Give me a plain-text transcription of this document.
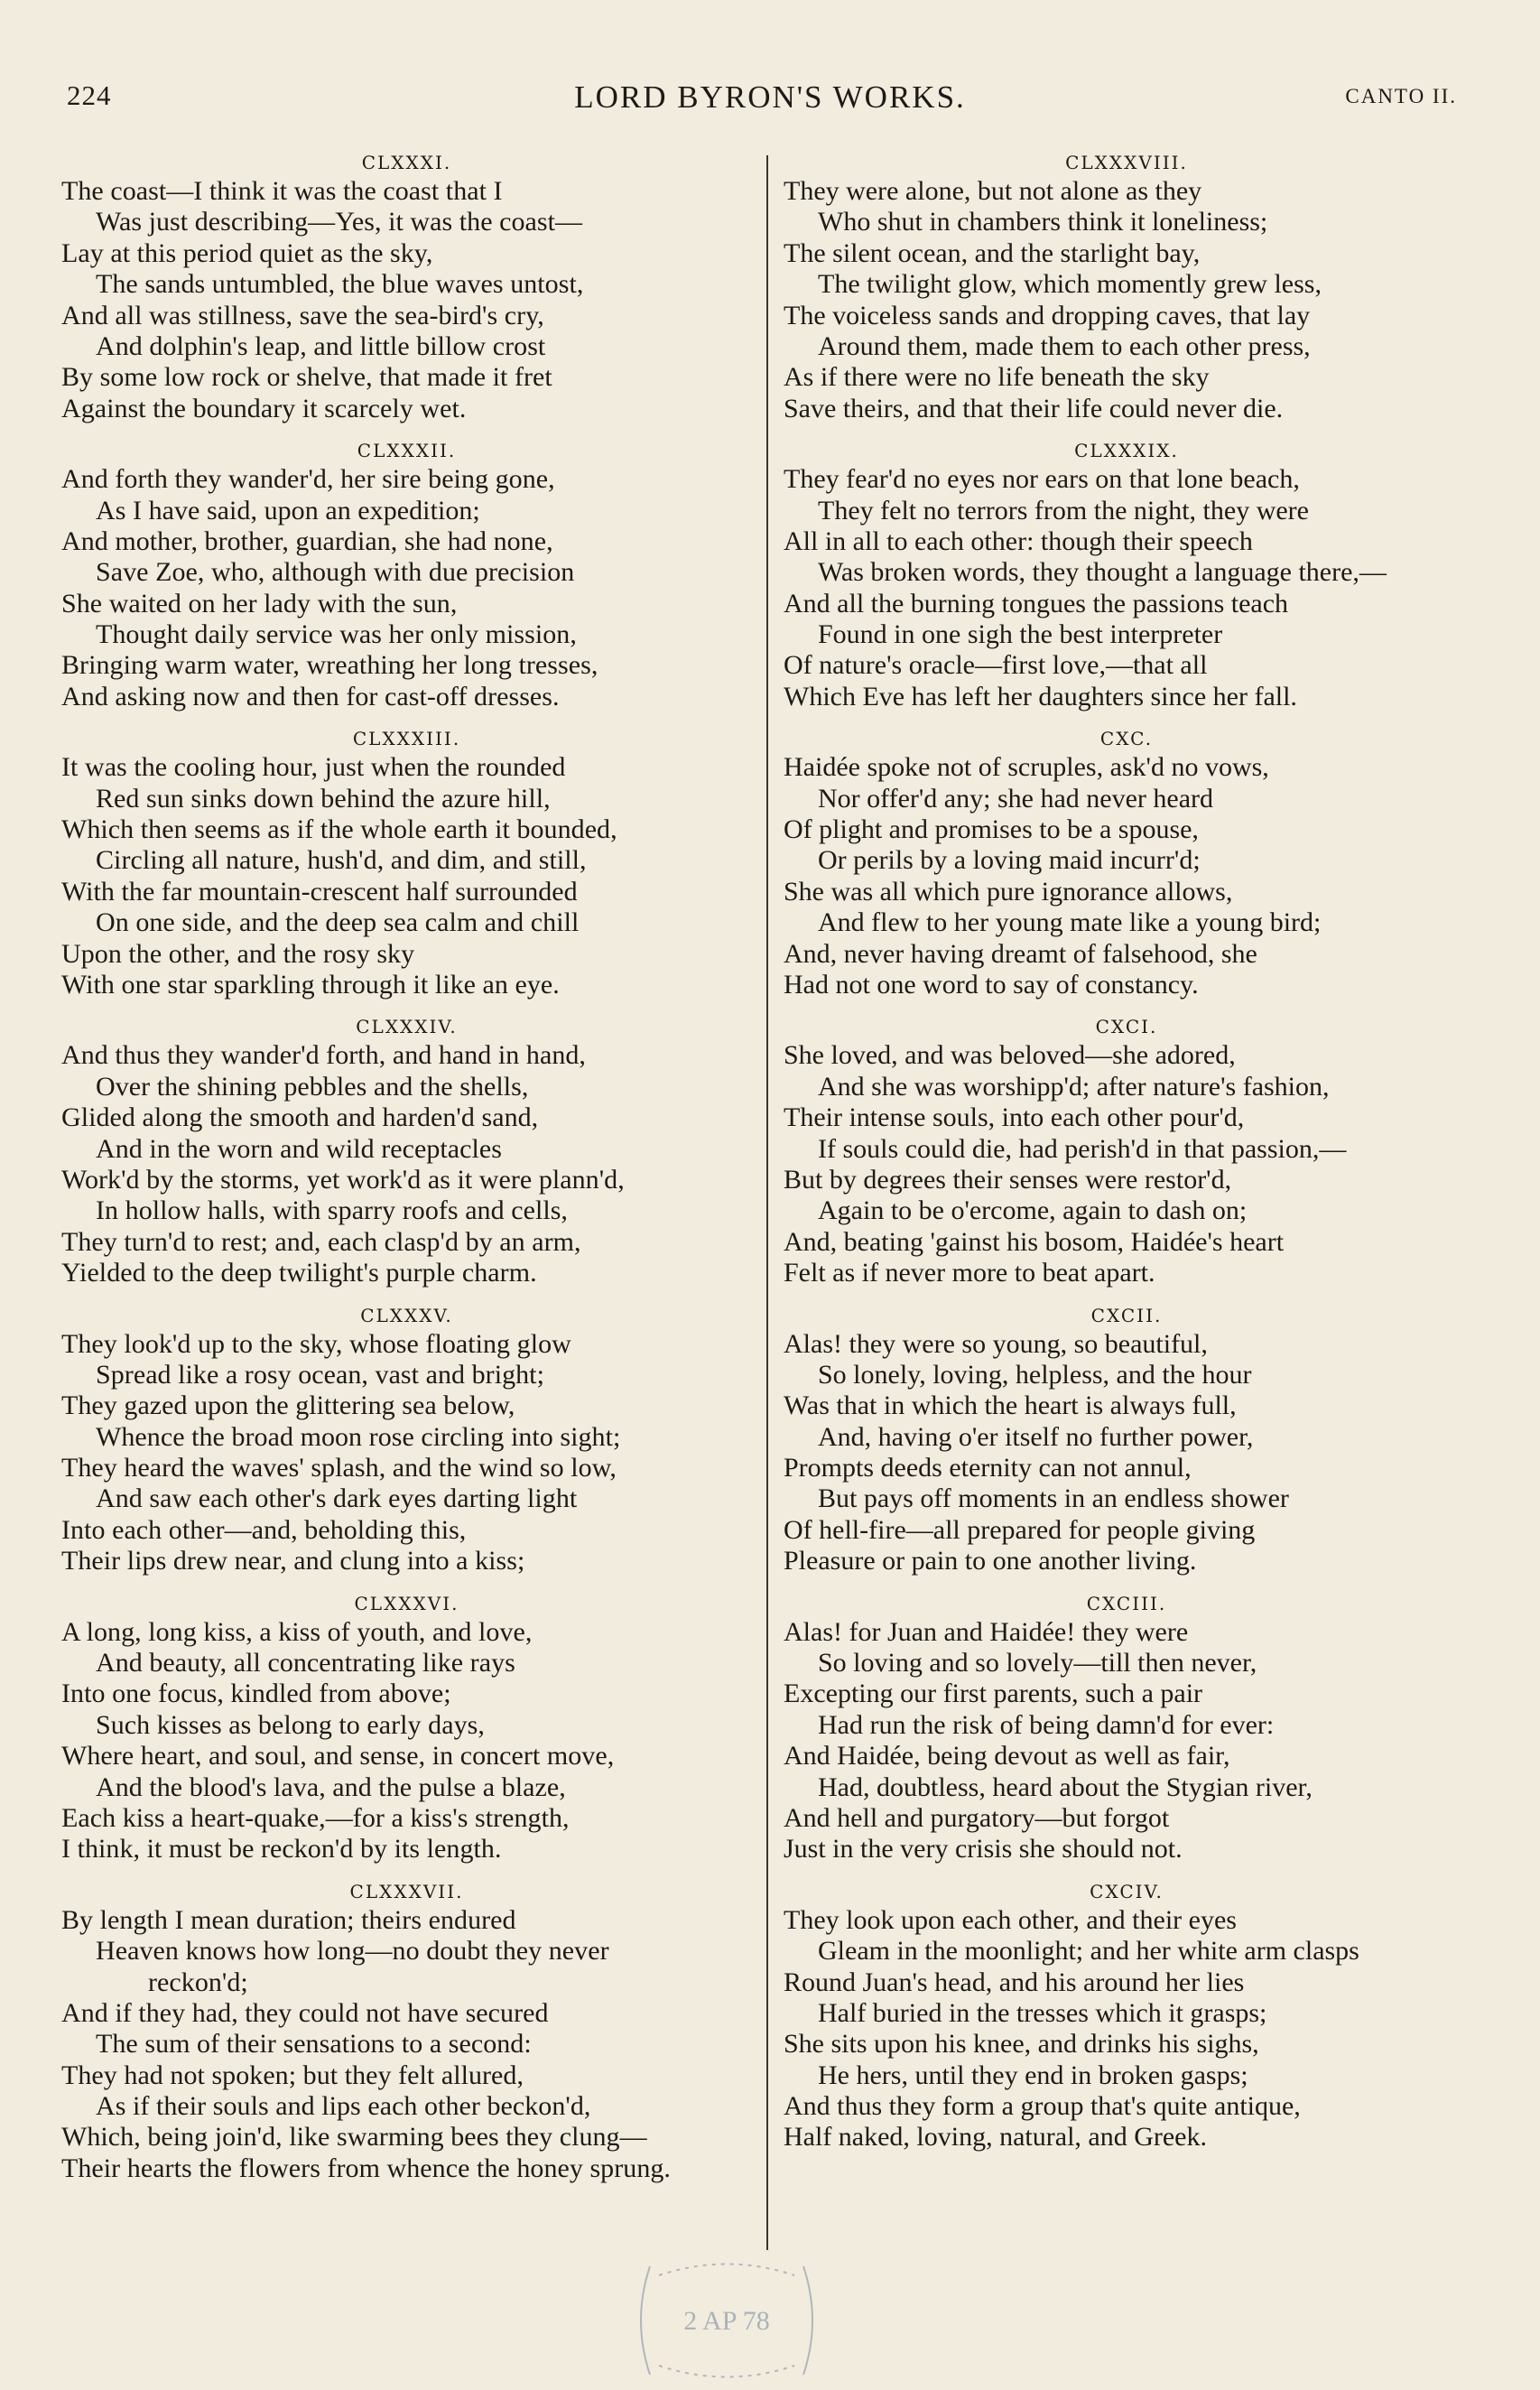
224	LORD BYRON'S WORKS.	CANTO II.
CLXXXI.
The coast—I think it was the coast that I
Was just describing—Yes, it was the coast—
Lay at this period quiet as the sky,
The sands untumbled, the blue waves untost,
And all was stillness, save the sea-bird's cry,
And dolphin's leap, and little billow crost
By some low rock or shelve, that made it fret
Against the boundary it scarcely wet.
CLXXXII.
And forth they wander'd, her sire being gone,
As I have said, upon an expedition;
And mother, brother, guardian, she had none,
Save Zoe, who, although with due precision
She waited on her lady with the sun,
Thought daily service was her only mission,
Bringing warm water, wreathing her long tresses,
And asking now and then for cast-off dresses.
CLXXXIII.
It was the cooling hour, just when the rounded
Red sun sinks down behind the azure hill,
Which then seems as if the whole earth it bounded,
Circling all nature, hush'd, and dim, and still,
With the far mountain-crescent half surrounded
On one side, and the deep sea calm and chill
Upon the other, and the rosy sky
With one star sparkling through it like an eye.
CLXXXIV.
And thus they wander'd forth, and hand in hand,
Over the shining pebbles and the shells,
Glided along the smooth and harden'd sand,
And in the worn and wild receptacles
Work'd by the storms, yet work'd as it were plann'd,
In hollow halls, with sparry roofs and cells,
They turn'd to rest; and, each clasp'd by an arm,
Yielded to the deep twilight's purple charm.
CLXXXV.
They look'd up to the sky, whose floating glow
Spread like a rosy ocean, vast and bright;
They gazed upon the glittering sea below,
Whence the broad moon rose circling into sight;
They heard the waves' splash, and the wind so low,
And saw each other's dark eyes darting light
Into each other—and, beholding this,
Their lips drew near, and clung into a kiss;
CLXXXVI.
A long, long kiss, a kiss of youth, and love,
And beauty, all concentrating like rays
Into one focus, kindled from above;
Such kisses as belong to early days,
Where heart, and soul, and sense, in concert move,
And the blood's lava, and the pulse a blaze,
Each kiss a heart-quake,—for a kiss's strength,
I think, it must be reckon'd by its length.
CLXXXVII.
By length I mean duration; theirs endured
Heaven knows how long—no doubt they never
reckon'd;
And if they had, they could not have secured
The sum of their sensations to a second:
They had not spoken; but they felt allured,
As if their souls and lips each other beckon'd,
Which, being join'd, like swarming bees they clung—
Their hearts the flowers from whence the honey sprung.
CLXXXVIII.
They were alone, but not alone as they
Who shut in chambers think it loneliness;
The silent ocean, and the starlight bay,
The twilight glow, which momently grew less,
The voiceless sands and dropping caves, that lay
Around them, made them to each other press,
As if there were no life beneath the sky
Save theirs, and that their life could never die.
CLXXXIX.
They fear'd no eyes nor ears on that lone beach,
They felt no terrors from the night, they were
All in all to each other: though their speech
Was broken words, they thought a language there,—
And all the burning tongues the passions teach
Found in one sigh the best interpreter
Of nature's oracle—first love,—that all
Which Eve has left her daughters since her fall.
CXC.
Haidée spoke not of scruples, ask'd no vows,
Nor offer'd any; she had never heard
Of plight and promises to be a spouse,
Or perils by a loving maid incurr'd;
She was all which pure ignorance allows,
And flew to her young mate like a young bird;
And, never having dreamt of falsehood, she
Had not one word to say of constancy.
CXCI.
She loved, and was beloved—she adored,
And she was worshipp'd; after nature's fashion,
Their intense souls, into each other pour'd,
If souls could die, had perish'd in that passion,—
But by degrees their senses were restor'd,
Again to be o'ercome, again to dash on;
And, beating 'gainst his bosom, Haidée's heart
Felt as if never more to beat apart.
CXCII.
Alas! they were so young, so beautiful,
So lonely, loving, helpless, and the hour
Was that in which the heart is always full,
And, having o'er itself no further power,
Prompts deeds eternity can not annul,
But pays off moments in an endless shower
Of hell-fire—all prepared for people giving
Pleasure or pain to one another living.
CXCIII.
Alas! for Juan and Haidée! they were
So loving and so lovely—till then never,
Excepting our first parents, such a pair
Had run the risk of being damn'd for ever:
And Haidée, being devout as well as fair,
Had, doubtless, heard about the Stygian river,
And hell and purgatory—but forgot
Just in the very crisis she should not.
CXCIV.
They look upon each other, and their eyes
Gleam in the moonlight; and her white arm clasps
Round Juan's head, and his around her lies
Half buried in the tresses which it grasps;
She sits upon his knee, and drinks his sighs,
He hers, until they end in broken gasps;
And thus they form a group that's quite antique,
Half naked, loving, natural, and Greek.
2 AP 78
